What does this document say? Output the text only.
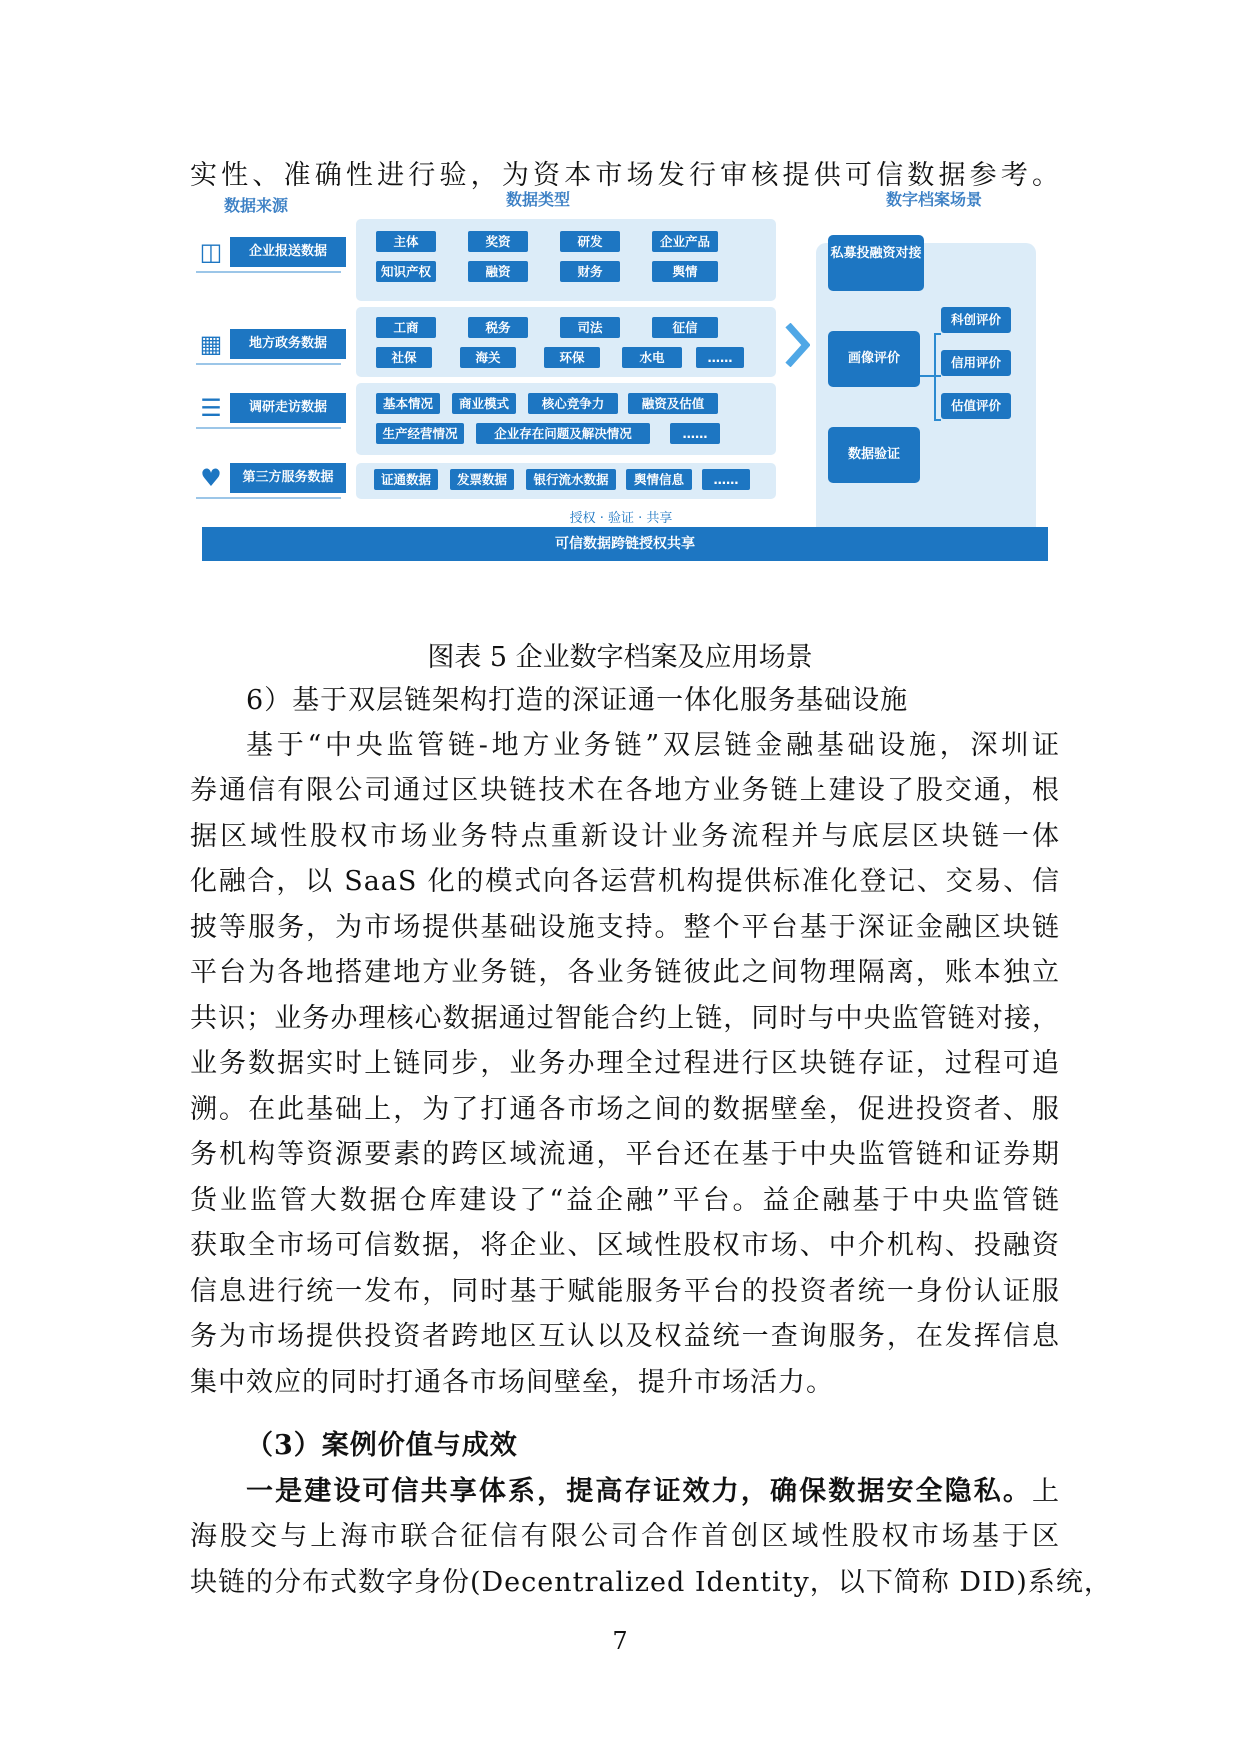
实性、准确性进行验，为资本市场发行审核提供可信数据参考。
数据来源	数据类型	数字档案场景
◫	企业报送数据
▦	地方政务数据
☰	调研走访数据
♥	第三方服务数据
主体	奖资	研发	企业产品
知识产权	融资	财务	舆情
工商	税务	司法	征信
社保	海关	环保	水电	……
基本情况	商业模式	核心竞争力	融资及估值
生产经营情况	企业存在问题及解决情况	……
证通数据	发票数据	银行流水数据	舆情信息	……
私募投融资对接
画像评价
数据验证
科创评价
信用评价
估值评价
授权 · 验证 · 共享
可信数据跨链授权共享
图表 5 企业数字档案及应用场景
6）基于双层链架构打造的深证通一体化服务基础设施
基于“中央监管链-地方业务链”双层链金融基础设施，深圳证
券通信有限公司通过区块链技术在各地方业务链上建设了股交通，根
据区域性股权市场业务特点重新设计业务流程并与底层区块链一体
化融合，以 SaaS 化的模式向各运营机构提供标准化登记、交易、信
披等服务，为市场提供基础设施支持。整个平台基于深证金融区块链
平台为各地搭建地方业务链，各业务链彼此之间物理隔离，账本独立
共识；业务办理核心数据通过智能合约上链，同时与中央监管链对接，
业务数据实时上链同步，业务办理全过程进行区块链存证，过程可追
溯。在此基础上，为了打通各市场之间的数据壁垒，促进投资者、服
务机构等资源要素的跨区域流通，平台还在基于中央监管链和证券期
货业监管大数据仓库建设了“益企融”平台。益企融基于中央监管链
获取全市场可信数据，将企业、区域性股权市场、中介机构、投融资
信息进行统一发布，同时基于赋能服务平台的投资者统一身份认证服
务为市场提供投资者跨地区互认以及权益统一查询服务，在发挥信息
集中效应的同时打通各市场间壁垒，提升市场活力。
（3）案例价值与成效
一是建设可信共享体系，提高存证效力，确保数据安全隐私。上
海股交与上海市联合征信有限公司合作首创区域性股权市场基于区
块链的分布式数字身份(Decentralized Identity，以下简称 DID)系统，
7
